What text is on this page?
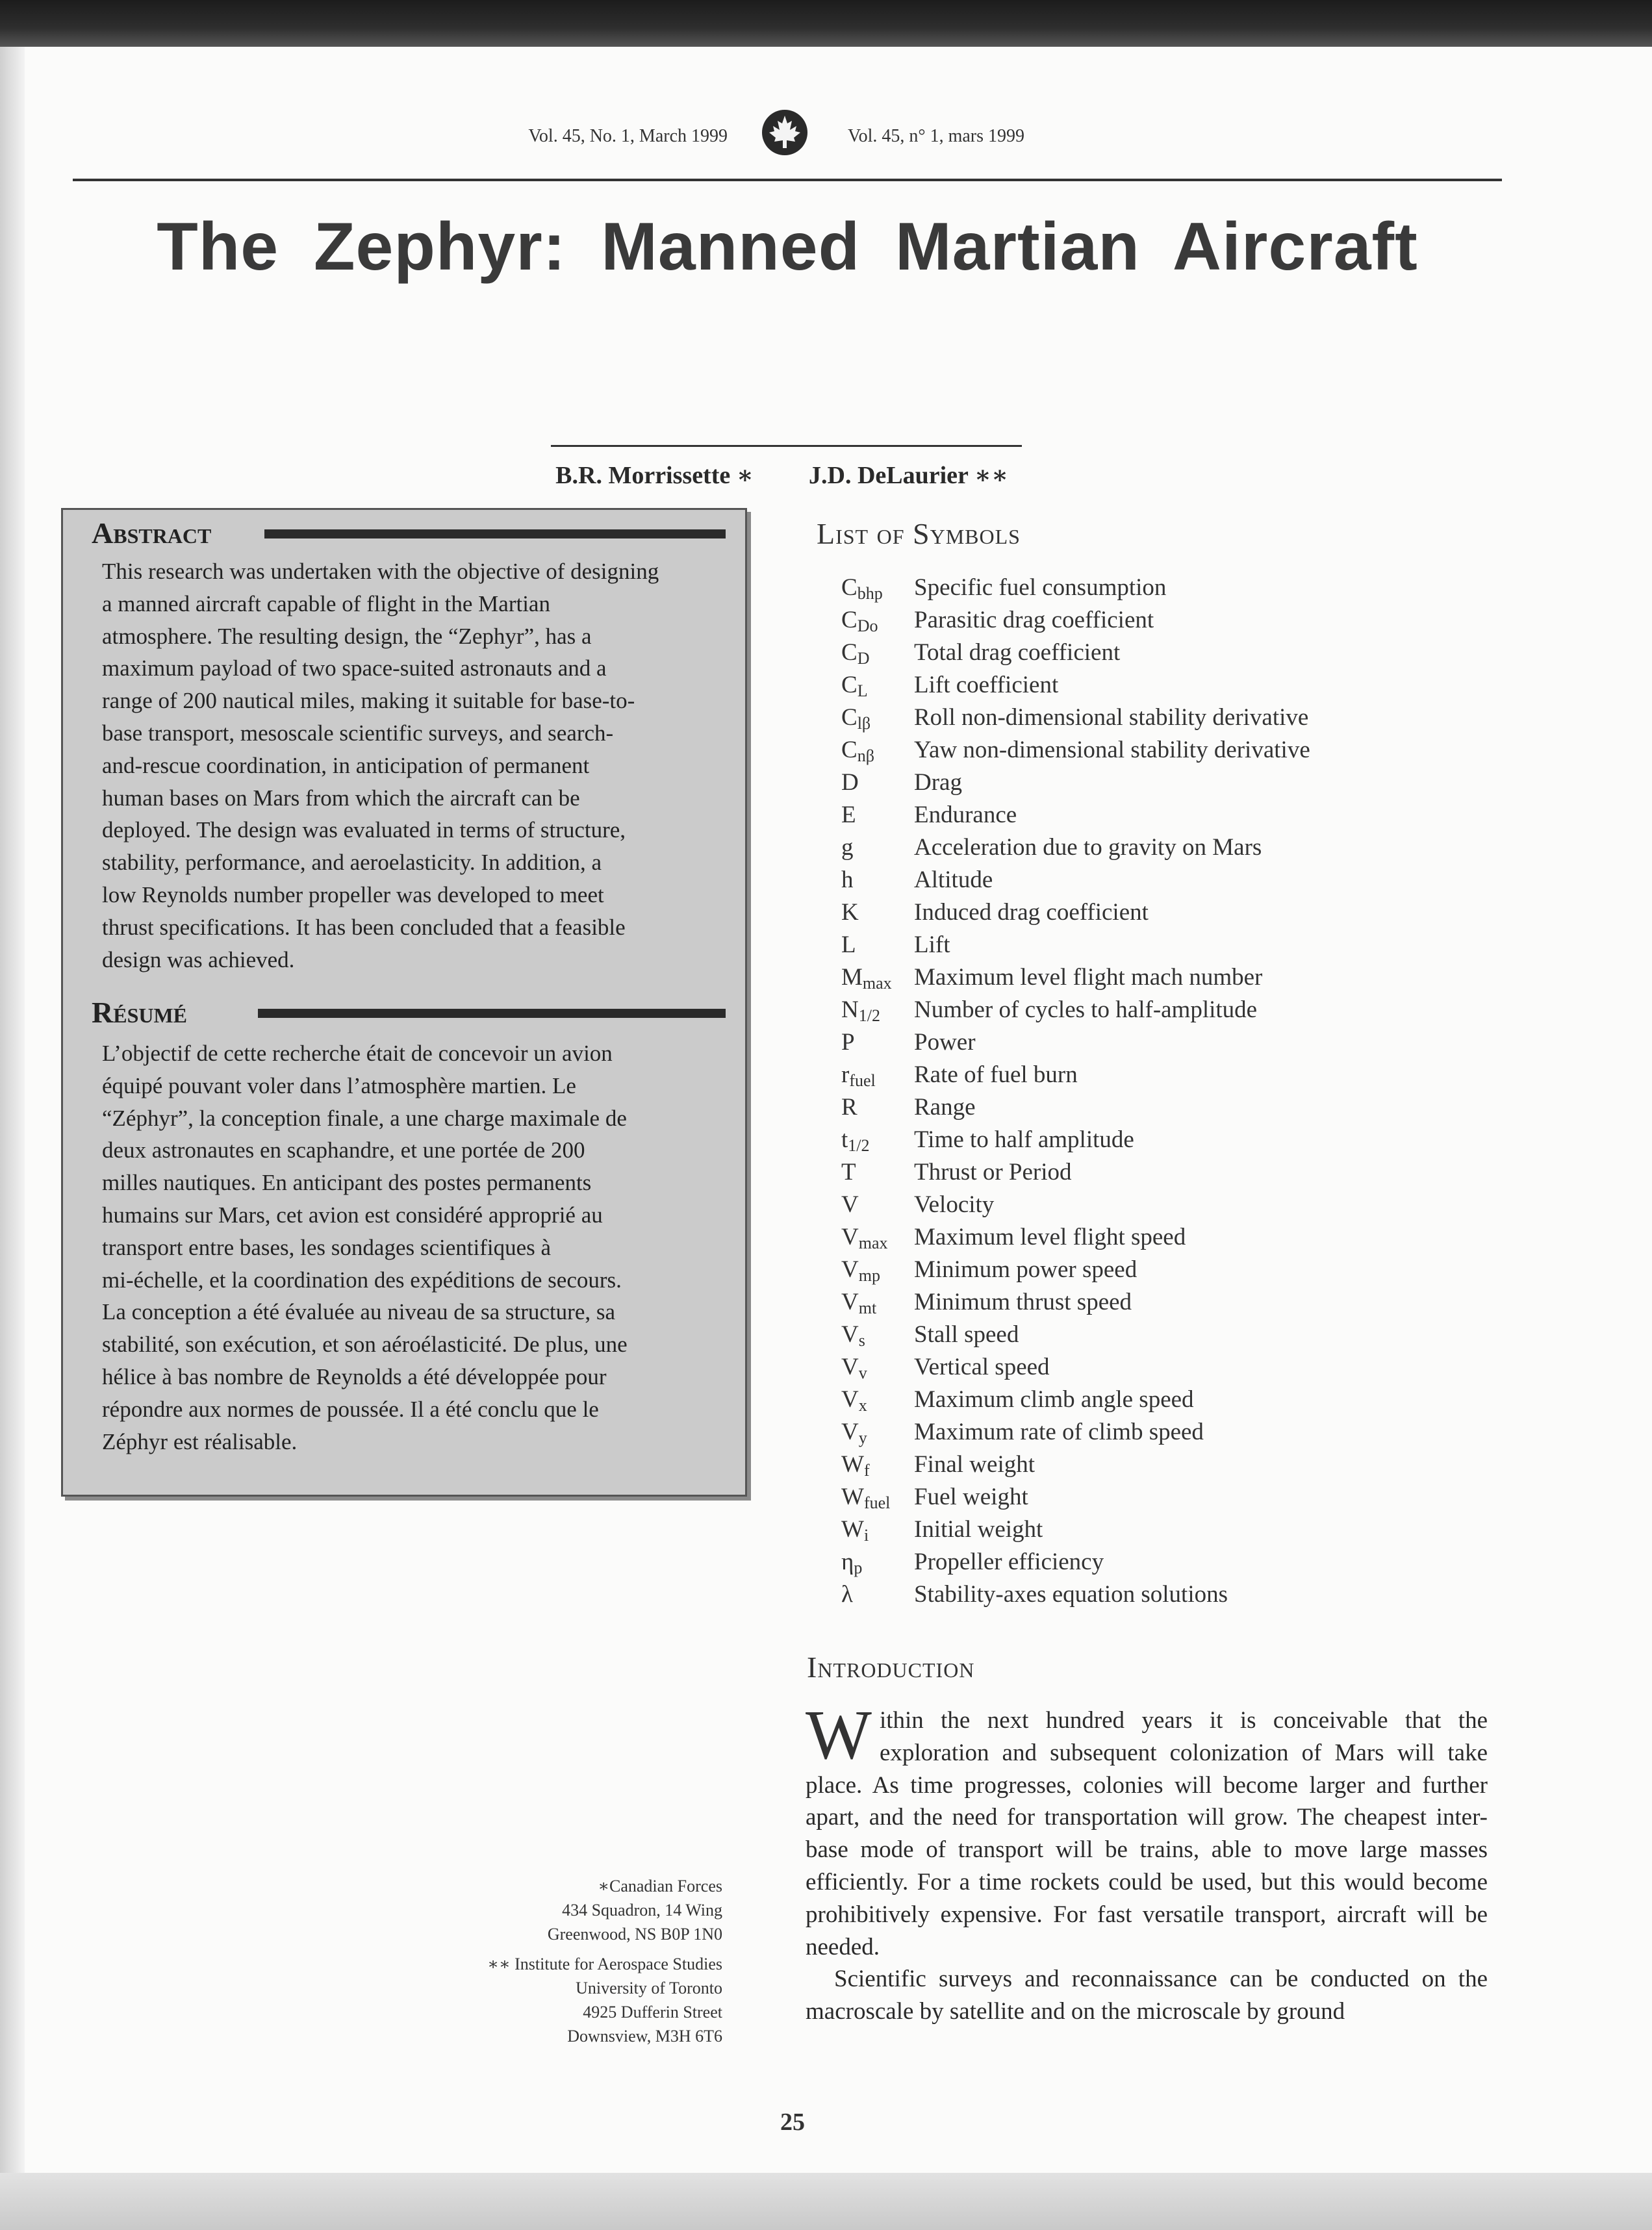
Vol. 45, No. 1, March 1999	Vol. 45, n° 1, mars 1999
The Zephyr: Manned Martian Aircraft
B.R. Morrissette ∗ J.D. DeLaurier ∗∗
Abstract
This research was undertaken with the objective of designing
a manned aircraft capable of flight in the Martian
atmosphere. The resulting design, the “Zephyr”, has a
maximum payload of two space-suited astronauts and a
range of 200 nautical miles, making it suitable for base-to-
base transport, mesoscale scientific surveys, and search-
and-rescue coordination, in anticipation of permanent
human bases on Mars from which the aircraft can be
deployed. The design was evaluated in terms of structure,
stability, performance, and aeroelasticity. In addition, a
low Reynolds number propeller was developed to meet
thrust specifications. It has been concluded that a feasible
design was achieved.
Résumé
L’objectif de cette recherche était de concevoir un avion
équipé pouvant voler dans l’atmosphère martien. Le
“Zéphyr”, la conception finale, a une charge maximale de
deux astronautes en scaphandre, et une portée de 200
milles nautiques. En anticipant des postes permanents
humains sur Mars, cet avion est considéré approprié au
transport entre bases, les sondages scientifiques à
mi-échelle, et la coordination des expéditions de secours.
La conception a été évaluée au niveau de sa structure, sa
stabilité, son exécution, et son aéroélasticité. De plus, une
hélice à bas nombre de Reynolds a été développée pour
répondre aux normes de poussée. Il a été conclu que le
Zéphyr est réalisable.
∗Canadian Forces
434 Squadron, 14 Wing
Greenwood, NS B0P 1N0
∗∗ Institute for Aerospace Studies
University of Toronto
4925 Dufferin Street
Downsview, M3H 6T6
List of Symbols
$C_{bhp}$	Specific fuel consumption
$C_{Do}$	Parasitic drag coefficient
$C_D$	Total drag coefficient
$C_L$	Lift coefficient
$C_{l\beta}$	Roll non-dimensional stability derivative
$C_{n\beta}$	Yaw non-dimensional stability derivative
D	Drag
E	Endurance
g	Acceleration due to gravity on Mars
h	Altitude
K	Induced drag coefficient
L	Lift
$M_{max}$ Maximum level flight mach number
$N_{1/2}$	Number of cycles to half-amplitude
P	Power
$r_{fuel}$	Rate of fuel burn
R	Range
$t_{1/2}$	Time to half amplitude
T	Thrust or Period
V	Velocity
$V_{max}$	Maximum level flight speed
$V_{mp}$	Minimum power speed
$V_{mt}$	Minimum thrust speed
$V_s$	Stall speed
$V_v$	Vertical speed
$V_x$	Maximum climb angle speed
$V_y$	Maximum rate of climb speed
$W_f$	Final weight
$W_{fuel}$ Fuel weight
$W_i$	Initial weight
$\eta_p$	Propeller efficiency
λ	Stability-axes equation solutions
Introduction

Within the next hundred years it is conceivable that the exploration and subsequent colonization of Mars will take place. As time progresses, colonies will become larger and further apart, and the need for transportation will grow. The cheapest inter-base mode of transport will be trains, able to move large masses efficiently. For a time rockets could be used, but this would become prohibitively expensive. For fast versatile transport, aircraft will be needed.

Scientific surveys and reconnaissance can be conducted on the macroscale by satellite and on the microscale by ground

25
